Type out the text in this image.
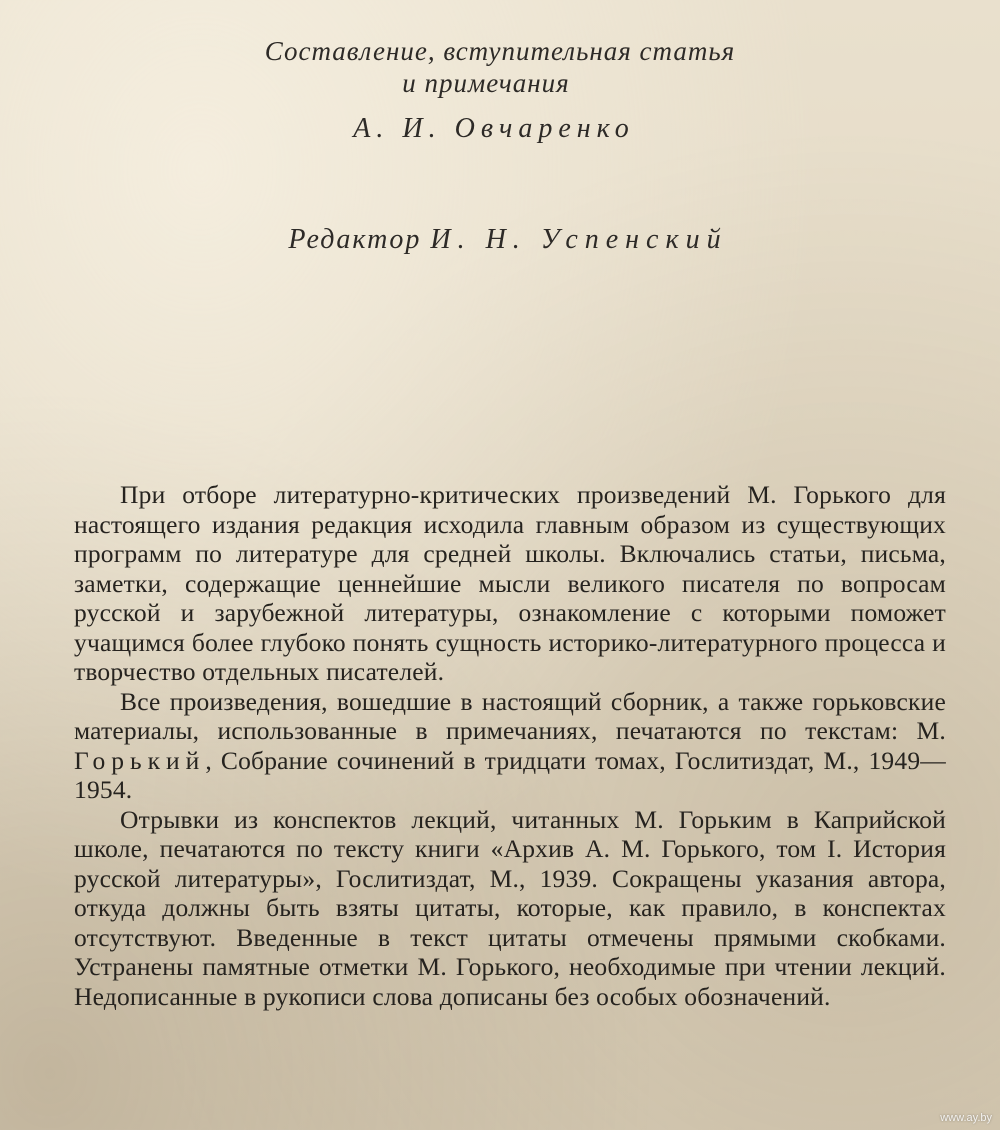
Составление, вступительная статья
и примечания
А. И. Овчаренко
Редактор И. Н. Успенский

При отборе литературно-критических произведений М. Горького для настоящего издания редакция исходила главным образом из существующих программ по литературе для средней школы. Включались статьи, письма, заметки, содержащие ценнейшие мысли великого писателя по вопросам русской и зарубежной литературы, ознакомление с которыми поможет учащимся более глубоко понять сущность историко-литературного процесса и творчество отдельных писателей.

Все произведения, вошедшие в настоящий сборник, а также горьковские материалы, использованные в примечаниях, печатаются по текстам: М. Горький, Собрание сочинений в тридцати томах, Гослитиздат, М., 1949—1954.

Отрывки из конспектов лекций, читанных М. Горьким в Каприйской школе, печатаются по тексту книги «Архив А. М. Горького, том I. История русской литературы», Гослитиздат, М., 1939. Сокращены указания автора, откуда должны быть взяты цитаты, которые, как правило, в конспектах отсутствуют. Введенные в текст цитаты отмечены прямыми скобками. Устранены памятные отметки М. Горького, необходимые при чтении лекций. Недописанные в рукописи слова дописаны без особых обозначений.

www.ay.by
